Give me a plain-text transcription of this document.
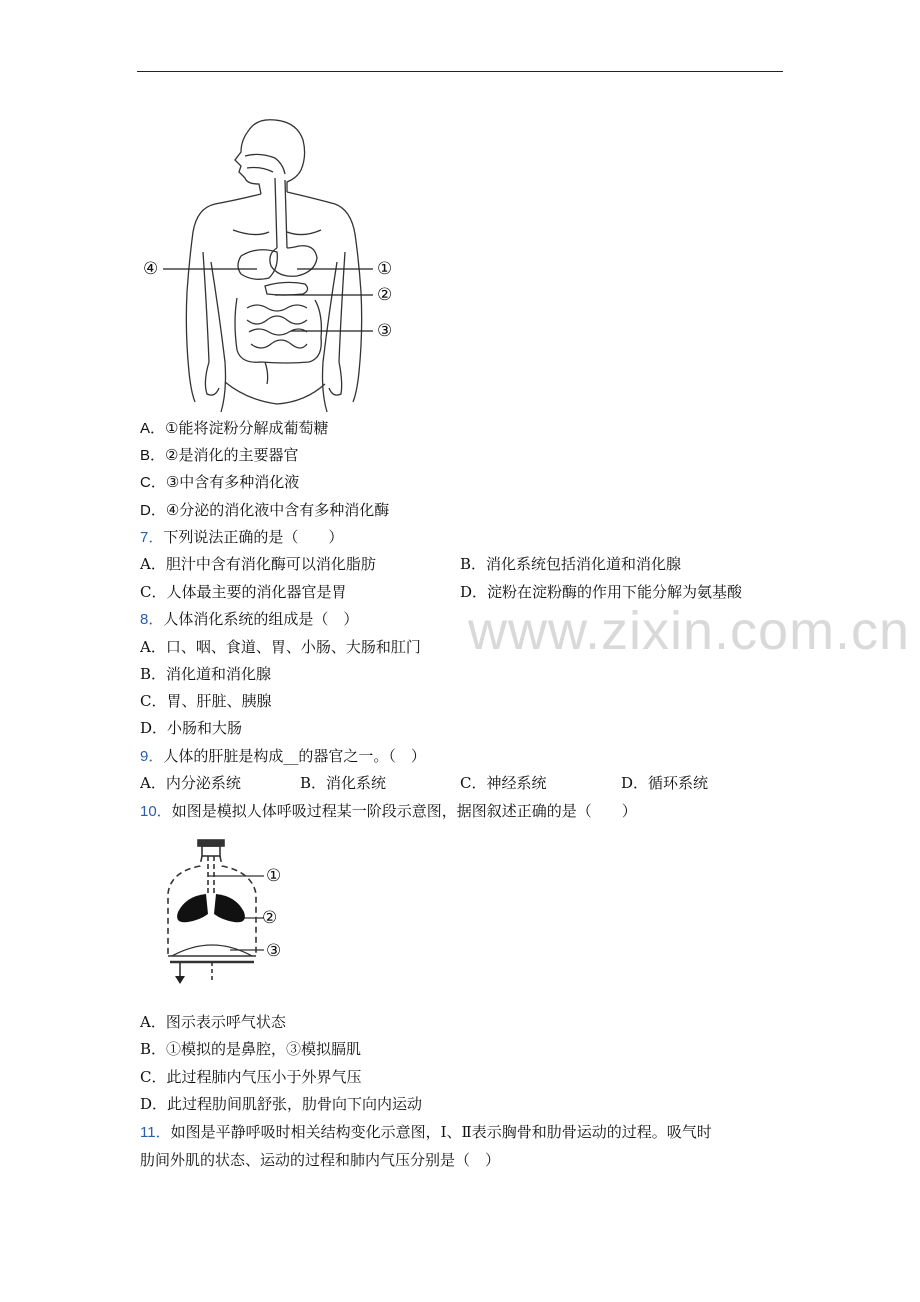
④	①
②
③
A．①能将淀粉分解成葡萄糖
B．②是消化的主要器官
C．③中含有多种消化液
D．④分泌的消化液中含有多种消化酶
7．下列说法正确的是（　　）
A．胆汁中含有消化酶可以消化脂肪	B．消化系统包括消化道和消化腺
C．人体最主要的消化器官是胃	D．淀粉在淀粉酶的作用下能分解为氨基酸
8．人体消化系统的组成是（　）
A．口、咽、食道、胃、小肠、大肠和肛门
B．消化道和消化腺
C．胃、肝脏、胰腺
D．小肠和大肠
9．人体的肝脏是构成__的器官之一。（　）
A．内分泌系统	B．消化系统	C．神经系统	D．循环系统
10．如图是模拟人体呼吸过程某一阶段示意图，据图叙述正确的是（　　）
①
②
③
A．图示表示呼气状态
B．①模拟的是鼻腔，③模拟膈肌
C．此过程肺内气压小于外界气压
D．此过程肋间肌舒张，肋骨向下向内运动
11．如图是平静呼吸时相关结构变化示意图，Ⅰ、Ⅱ表示胸骨和肋骨运动的过程。吸气时
肋间外肌的状态、运动的过程和肺内气压分别是（　）
www.zixin.com.cn
